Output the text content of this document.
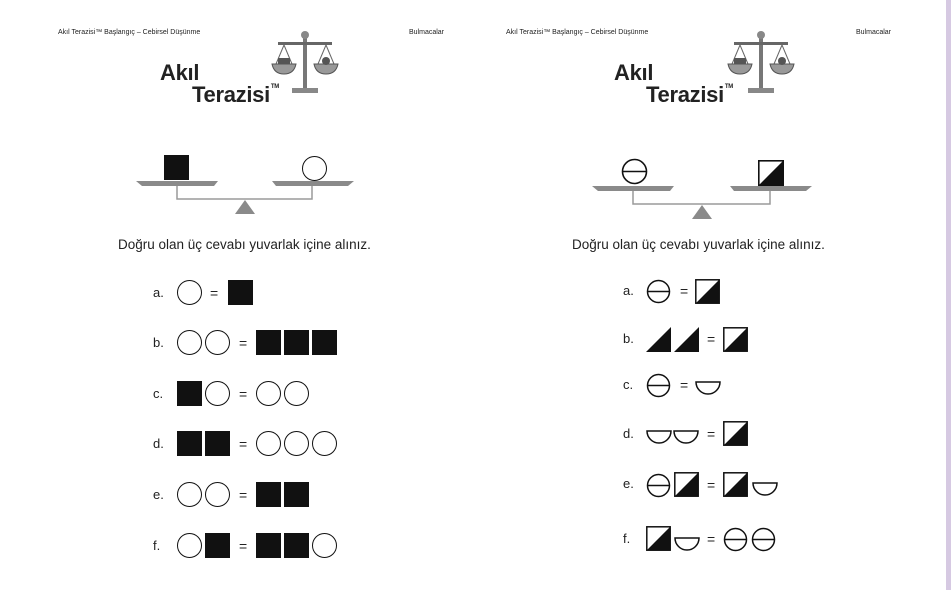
Akıl Terazisi™ Başlangıç – Cebirsel Düşünme	Bulmacalar
Akıl
Terazisi™
Doğru olan üç cevabı yuvarlak içine alınız.
a.	=
b.	=
c.	=
d.	=
e.	=
f.	=
Akıl Terazisi™ Başlangıç – Cebirsel Düşünme	Bulmacalar
Akıl
Terazisi™
Doğru olan üç cevabı yuvarlak içine alınız.
a.	=
b.	=
c.	=
d.	=
e.	=
f.	=
